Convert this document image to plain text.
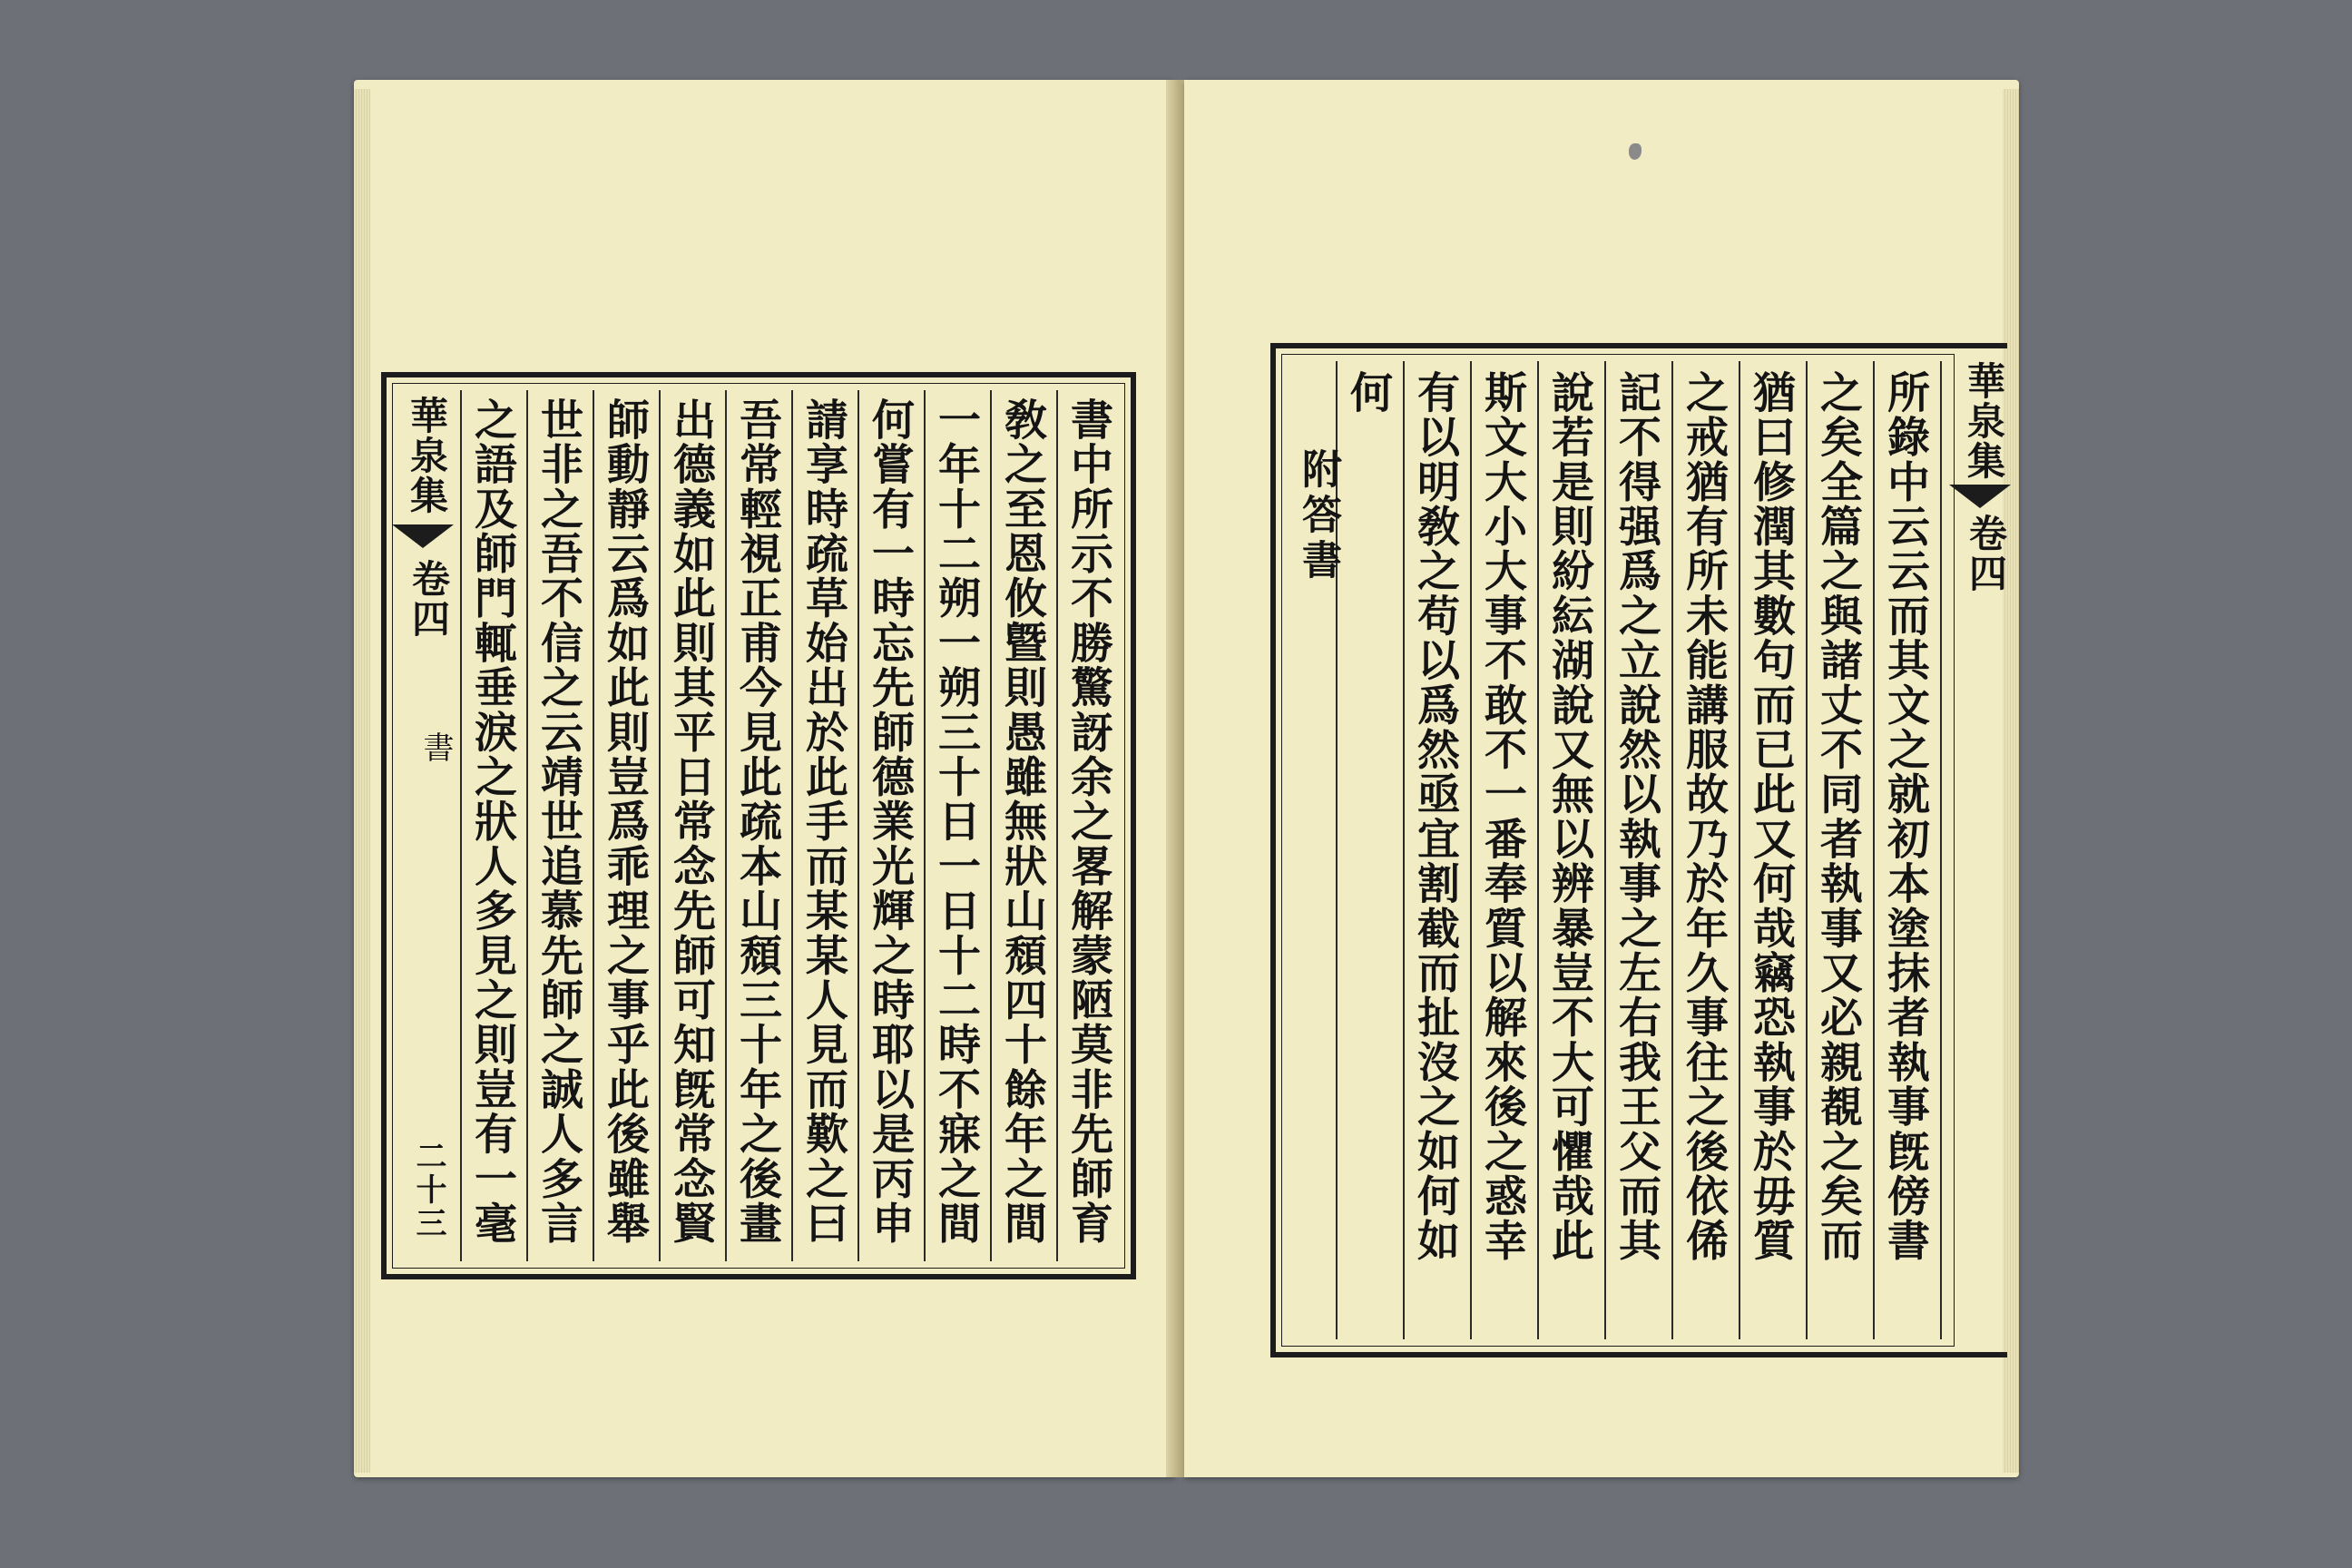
華泉集
卷四
書
二十三	書中所示不勝驚訝余之畧解蒙陋莫非先師育
敎之至恩攸曁則愚雖無狀山頹四十餘年之間
一年十二朔一朔三十日一日十二時不寐之間
何嘗有一時忘先師德業光輝之時耶以是丙申
請享時疏草始出於此手而某某人見而歎之曰
吾常輕視正甫今見此疏本山頹三十年之後畫
出德義如此則其平日常念先師可知旣常念賢
師動靜云爲如此則豈爲乖理之事乎此後雖舉
世非之吾不信之云靖世追慕先師之誠人多言
之語及師門輒垂淚之狀人多見之則豈有一毫	所錄中云云而其文之就初本塗抹者執事旣傍書
之矣全篇之與諸丈不同者執事又必親覩之矣而
猶曰修潤其數句而已此又何哉竊恐執事於毋質
之戒猶有所未能講服故乃於年久事往之後依俙
記不得强爲之立說然以執事之左右我王父而其
說若是則紛紜湖說又無以辨暴豈不大可懼哉此
斯文大小大事不敢不一番奉質以解來後之惑幸
有以明敎之苟以爲然亟宜割截而扯沒之如何如
何
附答書
華泉集
卷四
